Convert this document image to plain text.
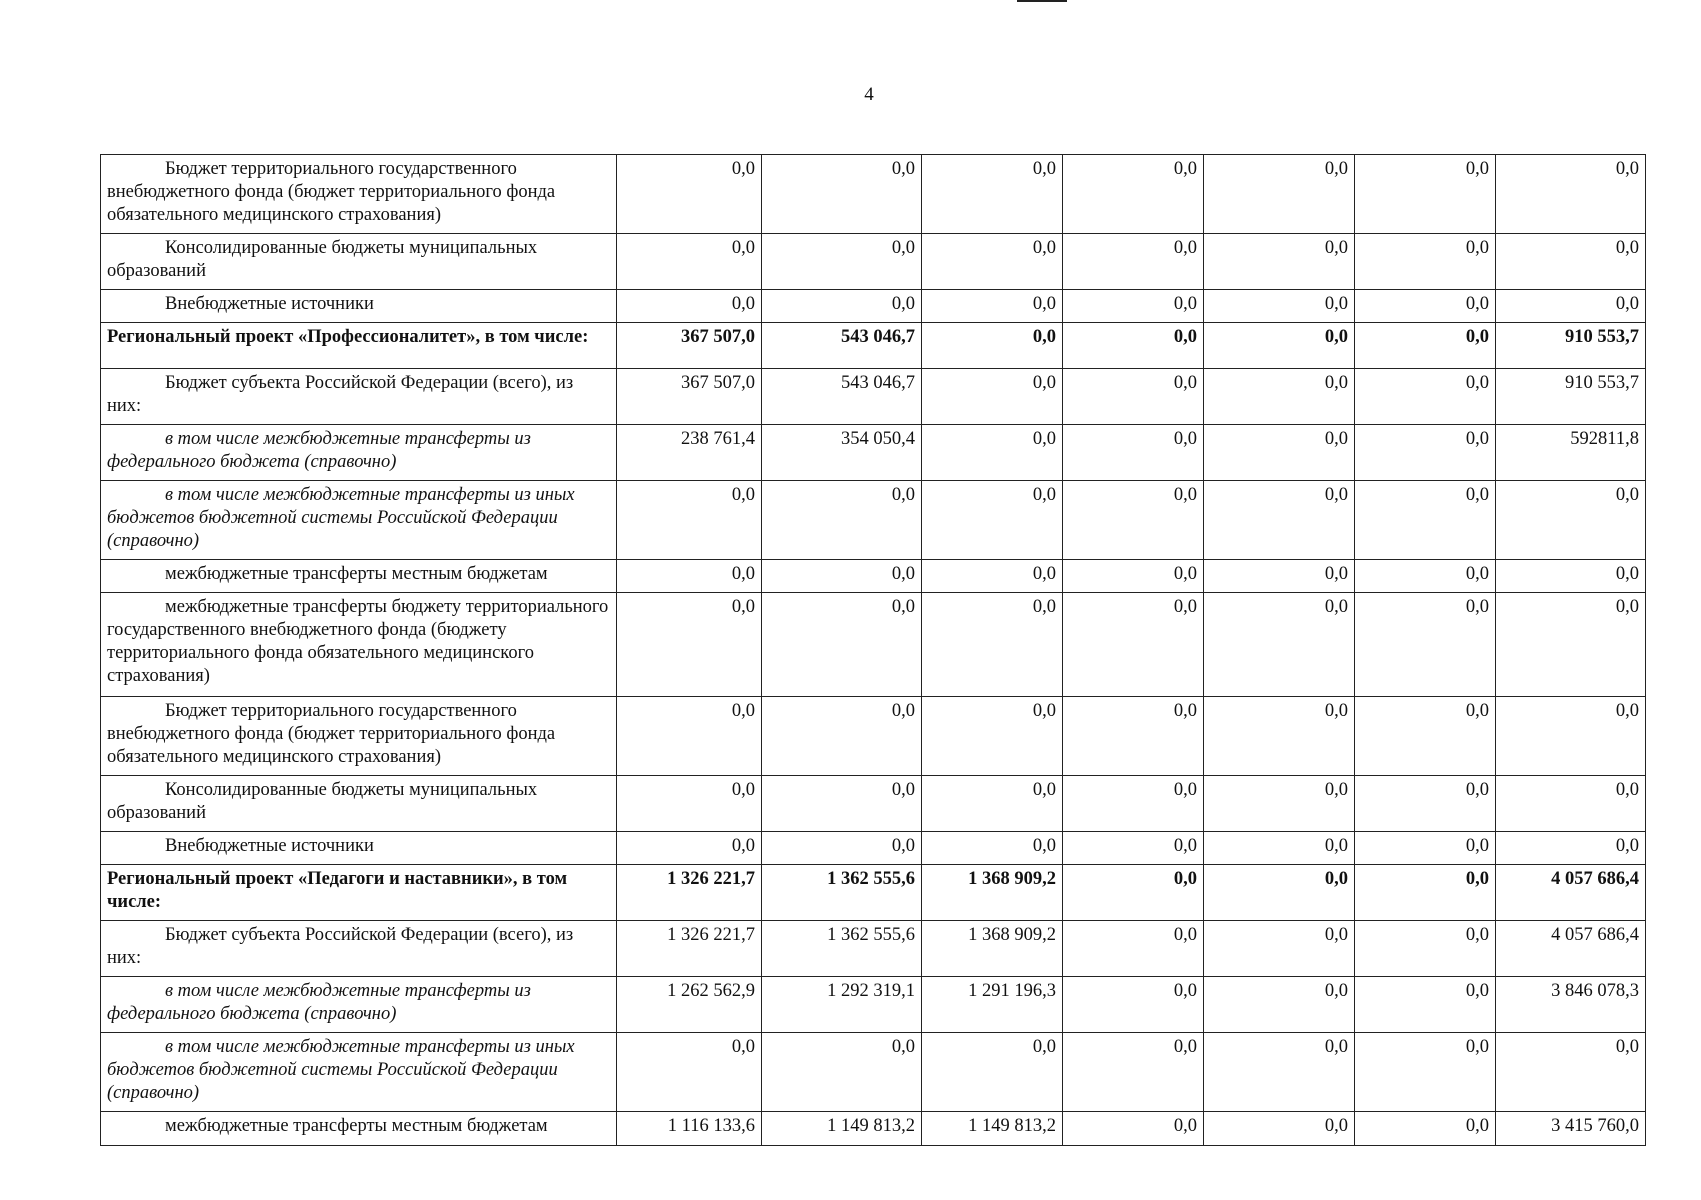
4
Бюджет территориального государственного внебюджетного фонда (бюджет территориального фонда обязательного медицинского страхования)	0,0	0,0	0,0	0,0	0,0	0,0	0,0
Консолидированные бюджеты муниципальных образований	0,0	0,0	0,0	0,0	0,0	0,0	0,0
Внебюджетные источники	0,0	0,0	0,0	0,0	0,0	0,0	0,0
Региональный проект «Профессионалитет», в том числе:	367 507,0	543 046,7	0,0	0,0	0,0	0,0	910 553,7
Бюджет субъекта Российской Федерации (всего), из них:	367 507,0	543 046,7	0,0	0,0	0,0	0,0	910 553,7
в том числе межбюджетные трансферты из федерального бюджета (справочно)	238 761,4	354 050,4	0,0	0,0	0,0	0,0	592811,8
в том числе межбюджетные трансферты из иных бюджетов бюджетной системы Российской Федерации (справочно)	0,0	0,0	0,0	0,0	0,0	0,0	0,0
межбюджетные трансферты местным бюджетам	0,0	0,0	0,0	0,0	0,0	0,0	0,0
межбюджетные трансферты бюджету территориального государственного внебюджетного фонда (бюджету территориального фонда обязательного медицинского страхования)	0,0	0,0	0,0	0,0	0,0	0,0	0,0
Бюджет территориального государственного внебюджетного фонда (бюджет территориального фонда обязательного медицинского страхования)	0,0	0,0	0,0	0,0	0,0	0,0	0,0
Консолидированные бюджеты муниципальных образований	0,0	0,0	0,0	0,0	0,0	0,0	0,0
Внебюджетные источники	0,0	0,0	0,0	0,0	0,0	0,0	0,0
Региональный проект «Педагоги и наставники», в том числе:	1 326 221,7	1 362 555,6	1 368 909,2	0,0	0,0	0,0	4 057 686,4
Бюджет субъекта Российской Федерации (всего), из них:	1 326 221,7	1 362 555,6	1 368 909,2	0,0	0,0	0,0	4 057 686,4
в том числе межбюджетные трансферты из федерального бюджета (справочно)	1 262 562,9	1 292 319,1	1 291 196,3	0,0	0,0	0,0	3 846 078,3
в том числе межбюджетные трансферты из иных бюджетов бюджетной системы Российской Федерации (справочно)	0,0	0,0	0,0	0,0	0,0	0,0	0,0
межбюджетные трансферты местным бюджетам	1 116 133,6	1 149 813,2	1 149 813,2	0,0	0,0	0,0	3 415 760,0
